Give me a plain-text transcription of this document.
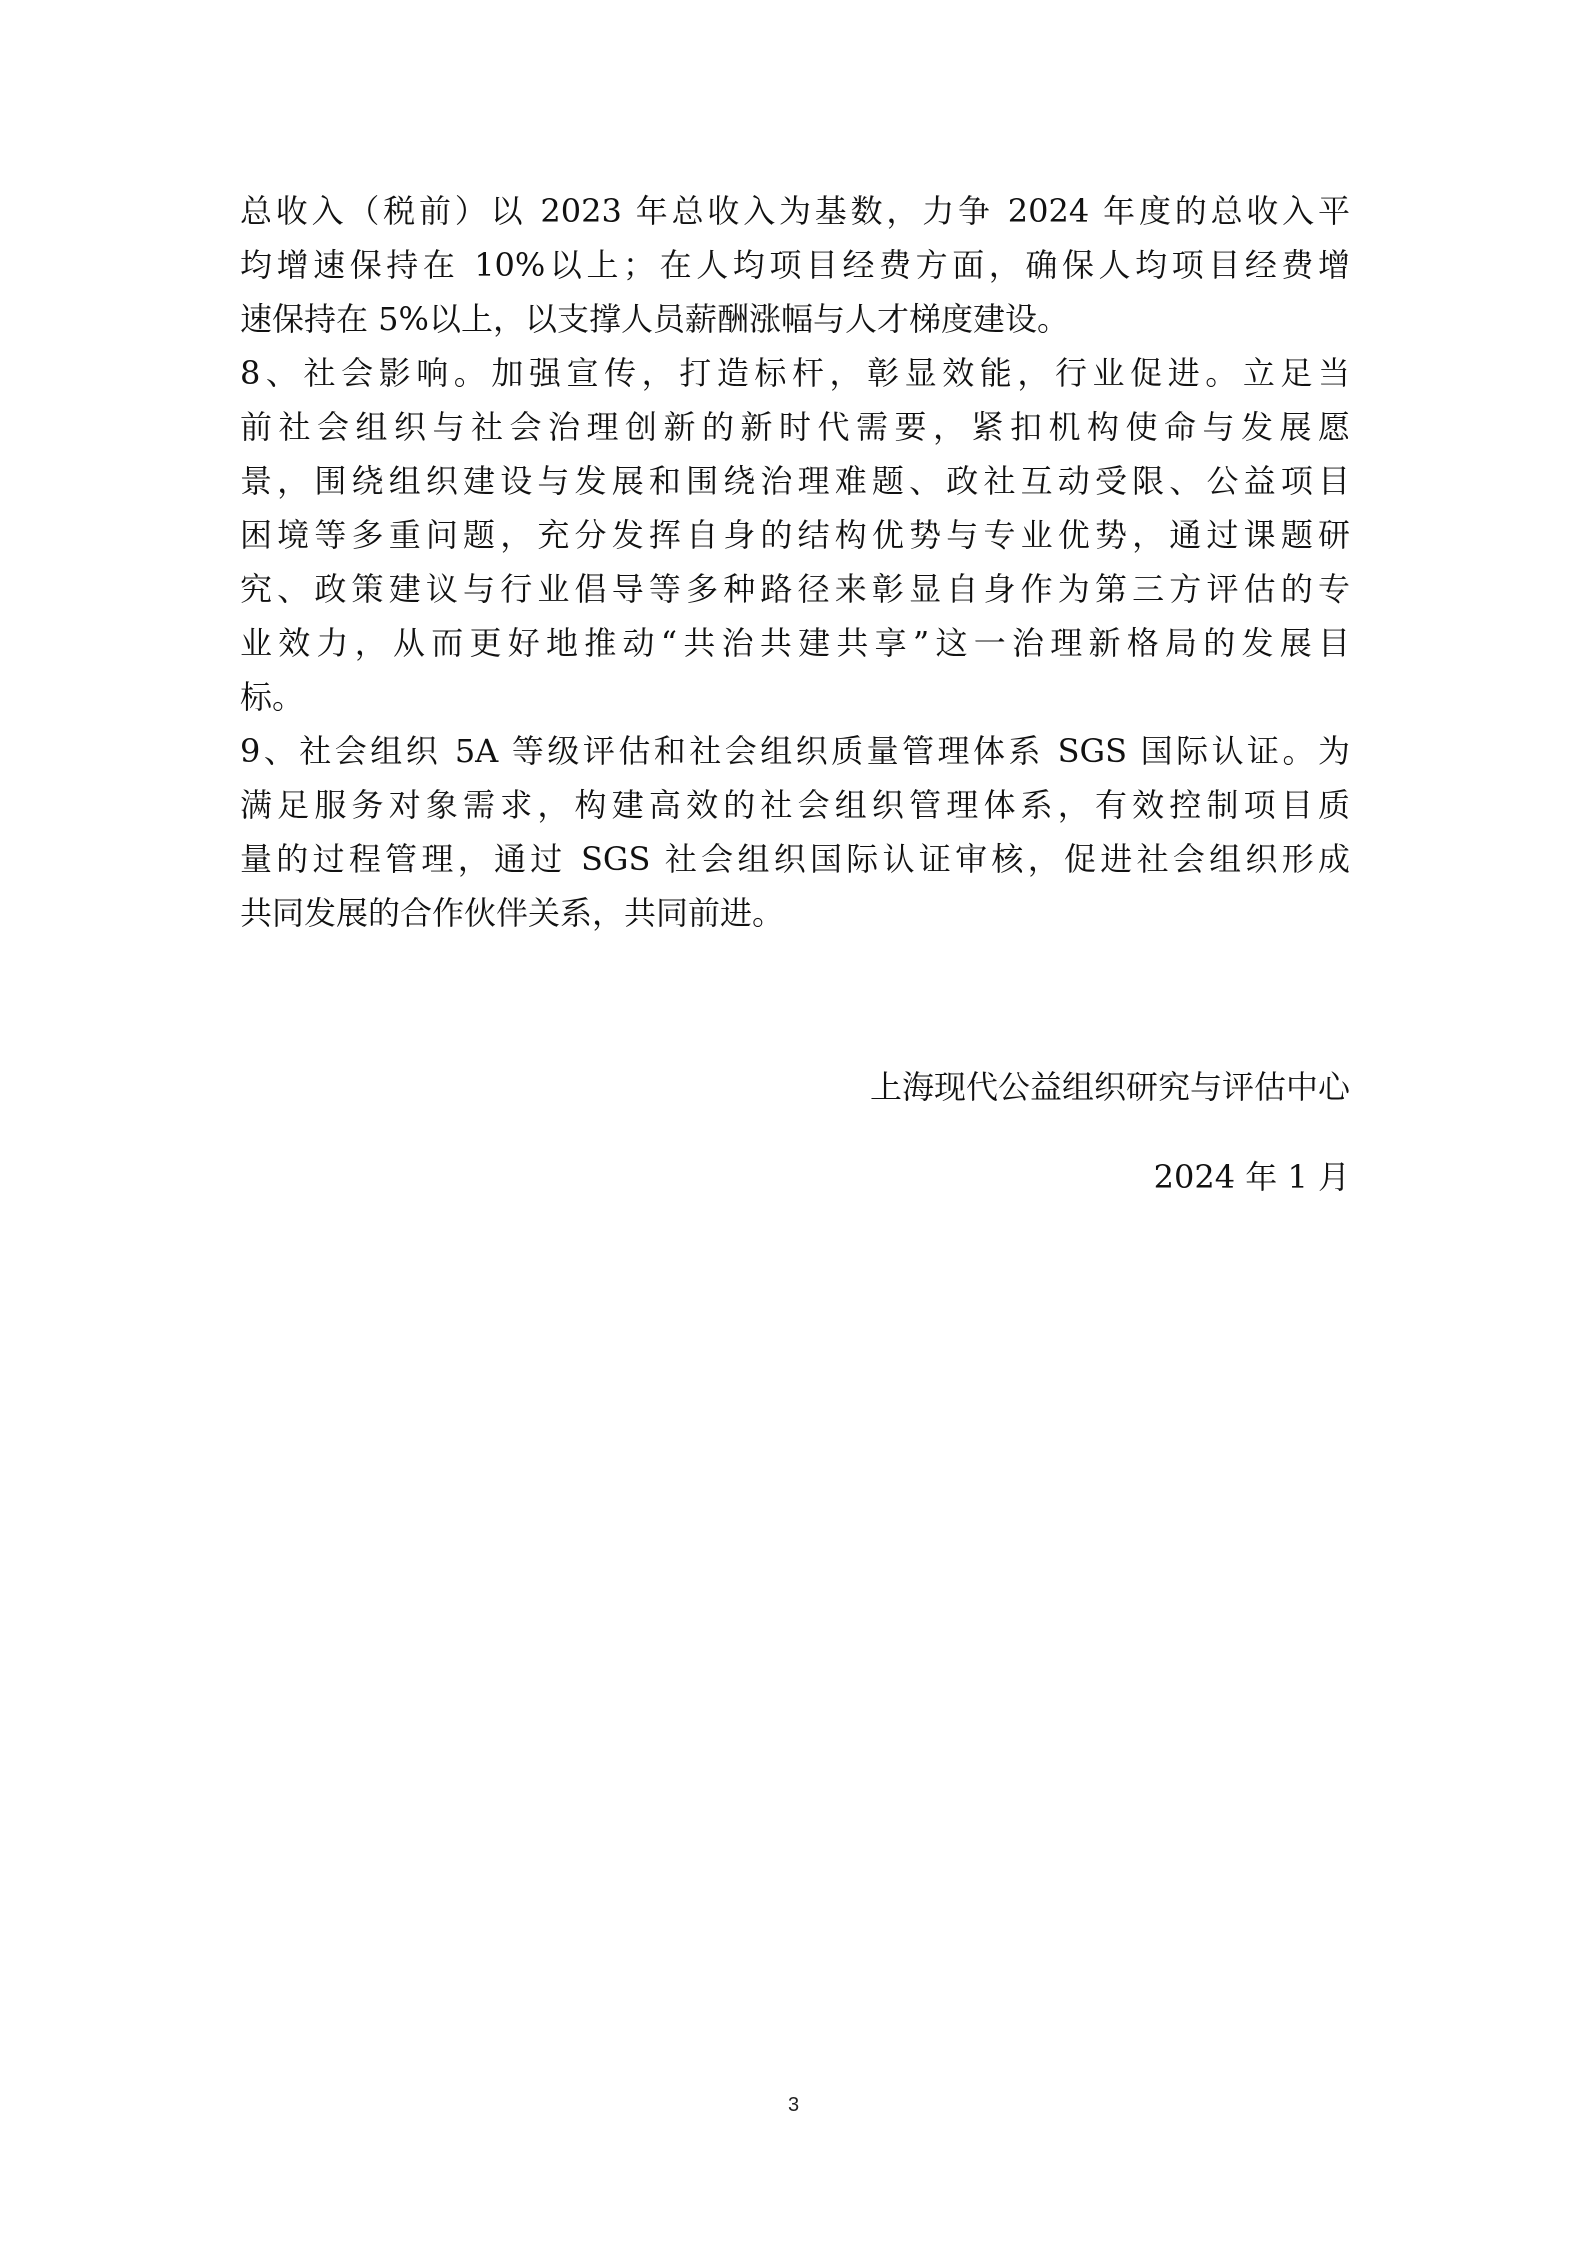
总收入（税前）以 2023 年总收入为基数，力争 2024 年度的总收入平
均增速保持在 10%以上；在人均项目经费方面，确保人均项目经费增
速保持在 5%以上，以支撑人员薪酬涨幅与人才梯度建设。
8、社会影响。加强宣传，打造标杆，彰显效能，行业促进。立足当
前社会组织与社会治理创新的新时代需要，紧扣机构使命与发展愿
景，围绕组织建设与发展和围绕治理难题、政社互动受限、公益项目
困境等多重问题，充分发挥自身的结构优势与专业优势，通过课题研
究、政策建议与行业倡导等多种路径来彰显自身作为第三方评估的专
业效力，从而更好地推动“共治共建共享”这一治理新格局的发展目
标。
9、社会组织 5A 等级评估和社会组织质量管理体系 SGS 国际认证。为
满足服务对象需求，构建高效的社会组织管理体系，有效控制项目质
量的过程管理，通过 SGS 社会组织国际认证审核，促进社会组织形成
共同发展的合作伙伴关系，共同前进。
上海现代公益组织研究与评估中心
2024 年 1 月
3
